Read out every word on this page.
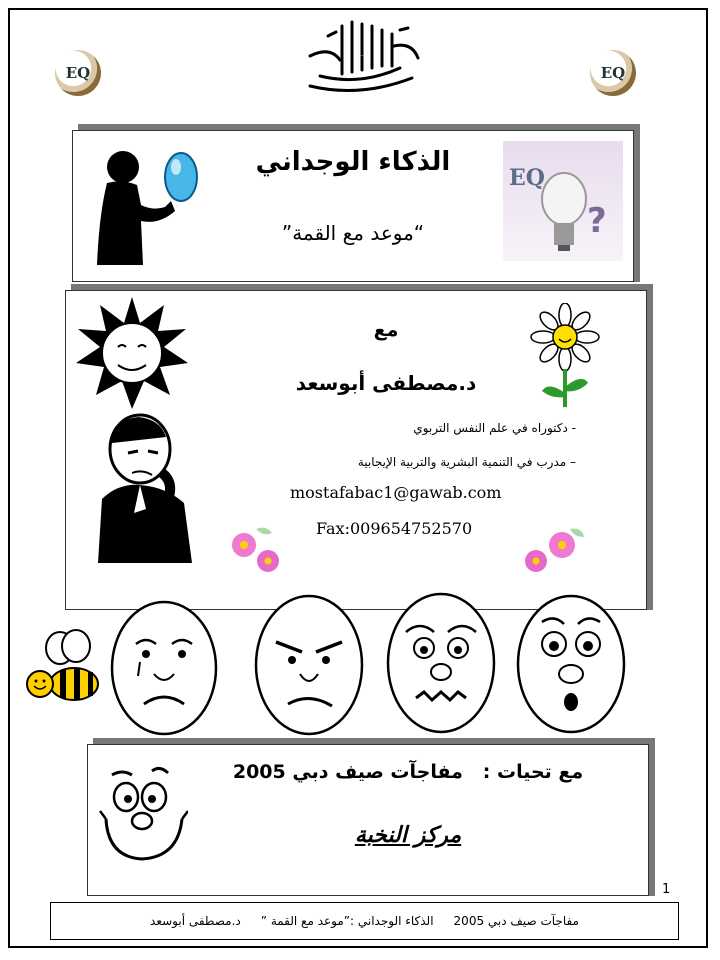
EQ	EQ
بسم الله الرحمن الرحيم
الذكاء الوجداني
“موعد مع القمة”
EQ
?
مع
د.مصطفى أبوسعد
- دكتوراه في علم النفس التربوي
– مدرب في التنمية البشرية والتربية الإيجابية
mostafabac1@gawab.com
Fax:009654752570
مع تحيات :   مفاجآت صيف دبي 2005
مركز النخبة
1
مفاجآت صيف دبي 2005
الذكاء الوجداني :”موعد مع القمة ”
د.مصطفى أبوسعد
